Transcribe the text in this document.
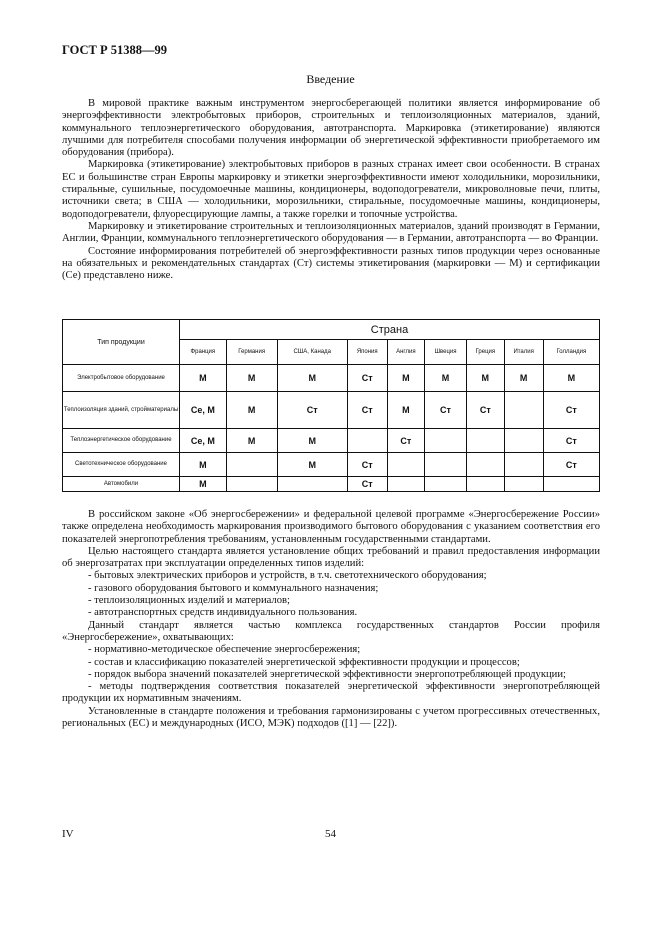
ГОСТ Р 51388—99
Введение

В мировой практике важным инструментом энергосберегающей политики является информирование об энергоэффективности электробытовых приборов, строительных и теплоизоляционных материалов, зданий, коммунального теплоэнергетического оборудования, автотранспорта. Маркировка (этикетирование) являются лучшими для потребителя способами получения информации об энергетической эффективности приобретаемого им оборудования (прибора).

Маркировка (этикетирование) электробытовых приборов в разных странах имеет свои особенности. В странах ЕС и большинстве стран Европы маркировку и этикетки энергоэффективности имеют холодильники, морозильники, стиральные, сушильные, посудомоечные машины, кондиционеры, водоподогреватели, микроволновые печи, плиты, источники света; в США — холодильники, морозильники, стиральные, посудомоечные машины, кондиционеры, водоподогреватели, флуоресцирующие лампы, а также горелки и топочные устройства.

Маркировку и этикетирование строительных и теплоизоляционных материалов, зданий производят в Германии, Англии, Франции, коммунального теплоэнергетического оборудования — в Германии, автотранспорта — во Франции.

Состояние информирования потребителей об энергоэффективности разных типов продукции через основанные на обязательных и рекомендательных стандартах (Ст) системы этикетирования (маркировки — М) и сертификации (Се) представлено ниже.

Тип продукции	Страна								
	Франция	Германия	США, Канада	Япония	Англия	Швеция	Греция	Италия	Голландия
Электробытовое оборудование	М	М	М	Ст	М	М	М	М	М
Теплоизоляция зданий, стройматериалы	Се, М	М	Ст	Ст	М	Ст	Ст		Ст
Теплоэнергетическое оборудование	Се, М	М	М		Ст				Ст
Светотехническое оборудование	М		М	Ст					Ст
Автомобили	М			Ст					

В российском законе «Об энергосбережении» и федеральной целевой программе «Энергосбережение России» также определена необходимость маркирования производимого бытового оборудования с указанием соответствия его показателей энергопотребления требованиям, установленным государственными стандартами.

Целью настоящего стандарта является установление общих требований и правил предоставления информации об энергозатратах при эксплуатации определенных типов изделий:

- бытовых электрических приборов и устройств, в т.ч. светотехнического оборудования;

- газового оборудования бытового и коммунального назначения;

- теплоизоляционных изделий и материалов;

- автотранспортных средств индивидуального пользования.

Данный стандарт является частью комплекса государственных стандартов России профиля «Энергосбережение», охватывающих:

- нормативно-методическое обеспечение энергосбережения;

- состав и классификацию показателей энергетической эффективности продукции и процессов;

- порядок выбора значений показателей энергетической эффективности энергопотребляющей продукции;

- методы подтверждения соответствия показателей энергетической эффективности энергопотребляющей продукции их нормативным значениям.

Установленные в стандарте положения и требования гармонизированы с учетом прогрессивных отечественных, региональных (ЕС) и международных (ИСО, МЭК) подходов ([1] — [22]).

IV	54
